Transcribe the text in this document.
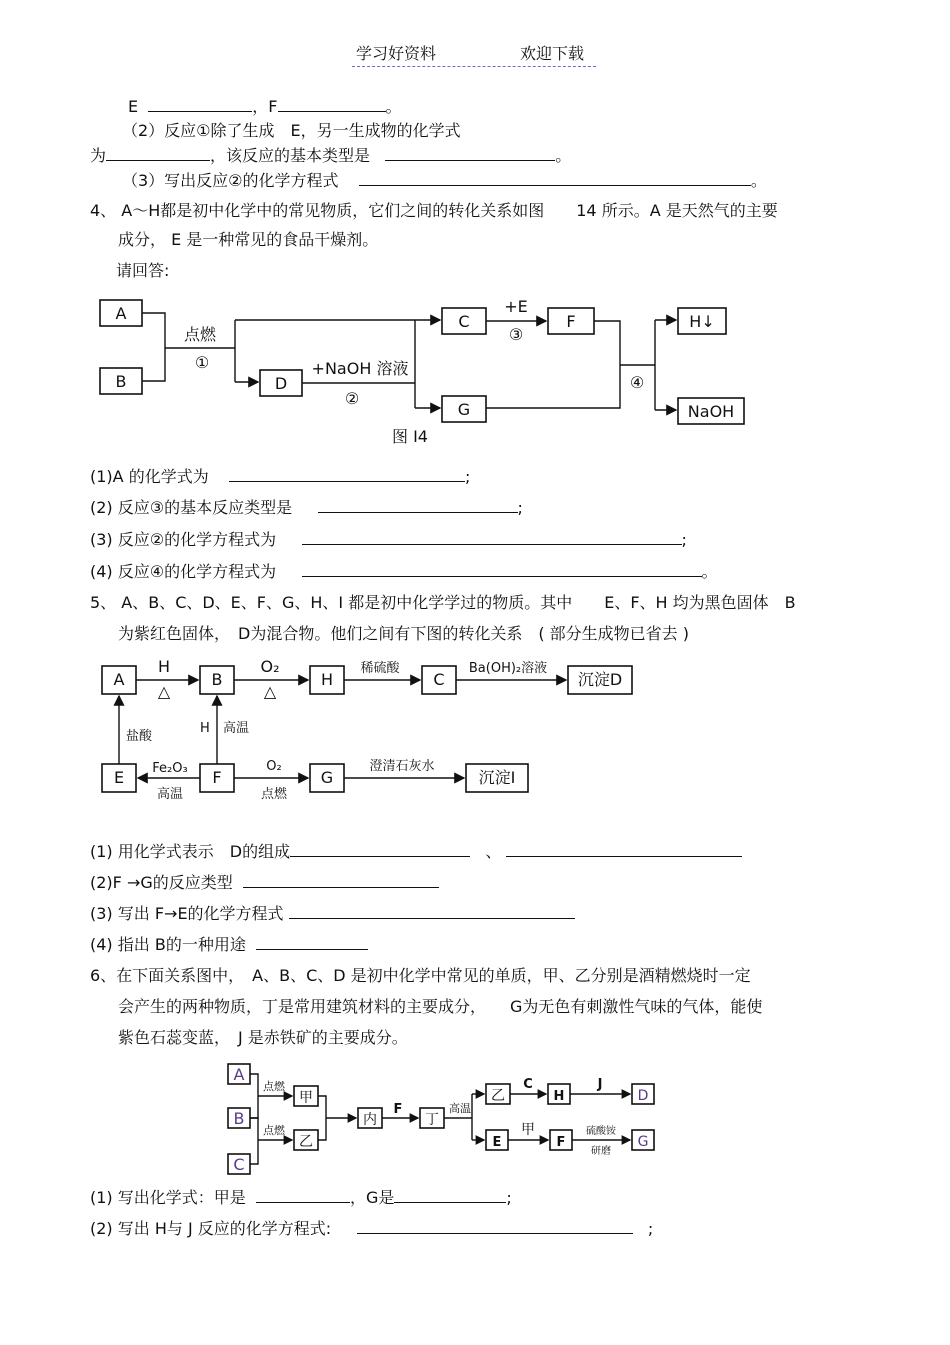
学习好资料	欢迎下载
E	，F	。
（2）反应①除了生成　E，另一生成物的化学式
为	，该反应的基本类型是	。
（3）写出反应②的化学方程式	。
4、 A～H都是初中化学中的常见物质，它们之间的转化关系如图　　14 所示。A 是天然气的主要
成分， E 是一种常见的食品干燥剂。
请回答:
A
B
点燃
①
D
+NaOH 溶液
②
C
+E
③
F
G
④
H↓
NaOH
图 I4
(1)A 的化学式为	;
(2) 反应③的基本反应类型是	;
(3) 反应②的化学方程式为	;
(4) 反应④的化学方程式为	。
5、 A、B、C、D、E、F、G、H、I 都是初中化学学过的物质。其中　　E、F、H 均为黑色固体　B
为紫红色固体，　D为混合物。他们之间有下图的转化关系　( 部分生成物已省去 )
A
H
△
B
O₂
△
H
稀硫酸
C
Ba(OH)₂溶液
沉淀D
E
盐酸
F
H 高温
Fe₂O₃
高温
O₂
点燃
G
澄清石灰水
沉淀I
(1) 用化学式表示　D的组成	、
(2)F →G的反应类型
(3) 写出 F→E的化学方程式
(4) 指出 B的一种用途
6、在下面关系图中，　A、B、C、D 是初中化学中常见的单质，甲、乙分别是酒精燃烧时一定
会产生的两种物质，丁是常用建筑材料的主要成分，　　G为无色有刺激性气味的气体，能使
紫色石蕊变蓝，　J 是赤铁矿的主要成分。
A
B
C
点燃
点燃
甲
乙
内
F
丁
高温
乙
C
H
J
D
E
甲
F
硫酸铵
研磨
G
(1) 写出化学式：甲是	，G是	;
(2) 写出 H与 J 反应的化学方程式:	;
